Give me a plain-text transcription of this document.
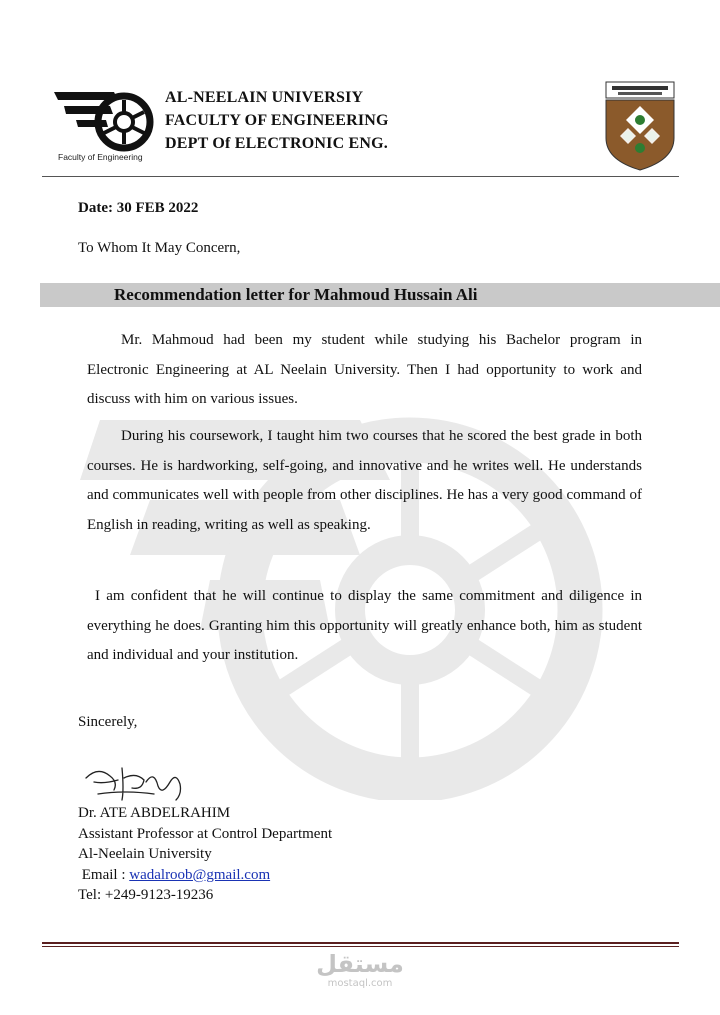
Faculty of Engineering
AL-NEELAIN UNIVERSIY
FACULTY OF ENGINEERING
DEPT Of ELECTRONIC ENG.
Date: 30 FEB 2022
To Whom It May Concern,
Recommendation letter for Mahmoud Hussain Ali
Mr. Mahmoud had been my student while studying his Bachelor program in Electronic Engineering at AL Neelain University. Then I had opportunity to work and discuss with him on various issues.
During his coursework, I taught him two courses that he scored the best grade in both courses. He is hardworking, self-going, and innovative and he writes well. He understands and communicates well with people from other disciplines. He has a very good command of English in reading, writing as well as speaking.
I am confident that he will continue to display the same commitment and diligence in everything he does. Granting him this opportunity will greatly enhance both, him as student and individual and your institution.
Sincerely,
Dr. ATE ABDELRAHIM
Assistant Professor at Control Department
Al-Neelain University
Email : wadalroob@gmail.com
Tel: +249-9123-19236
مستقل
mostaql.com
